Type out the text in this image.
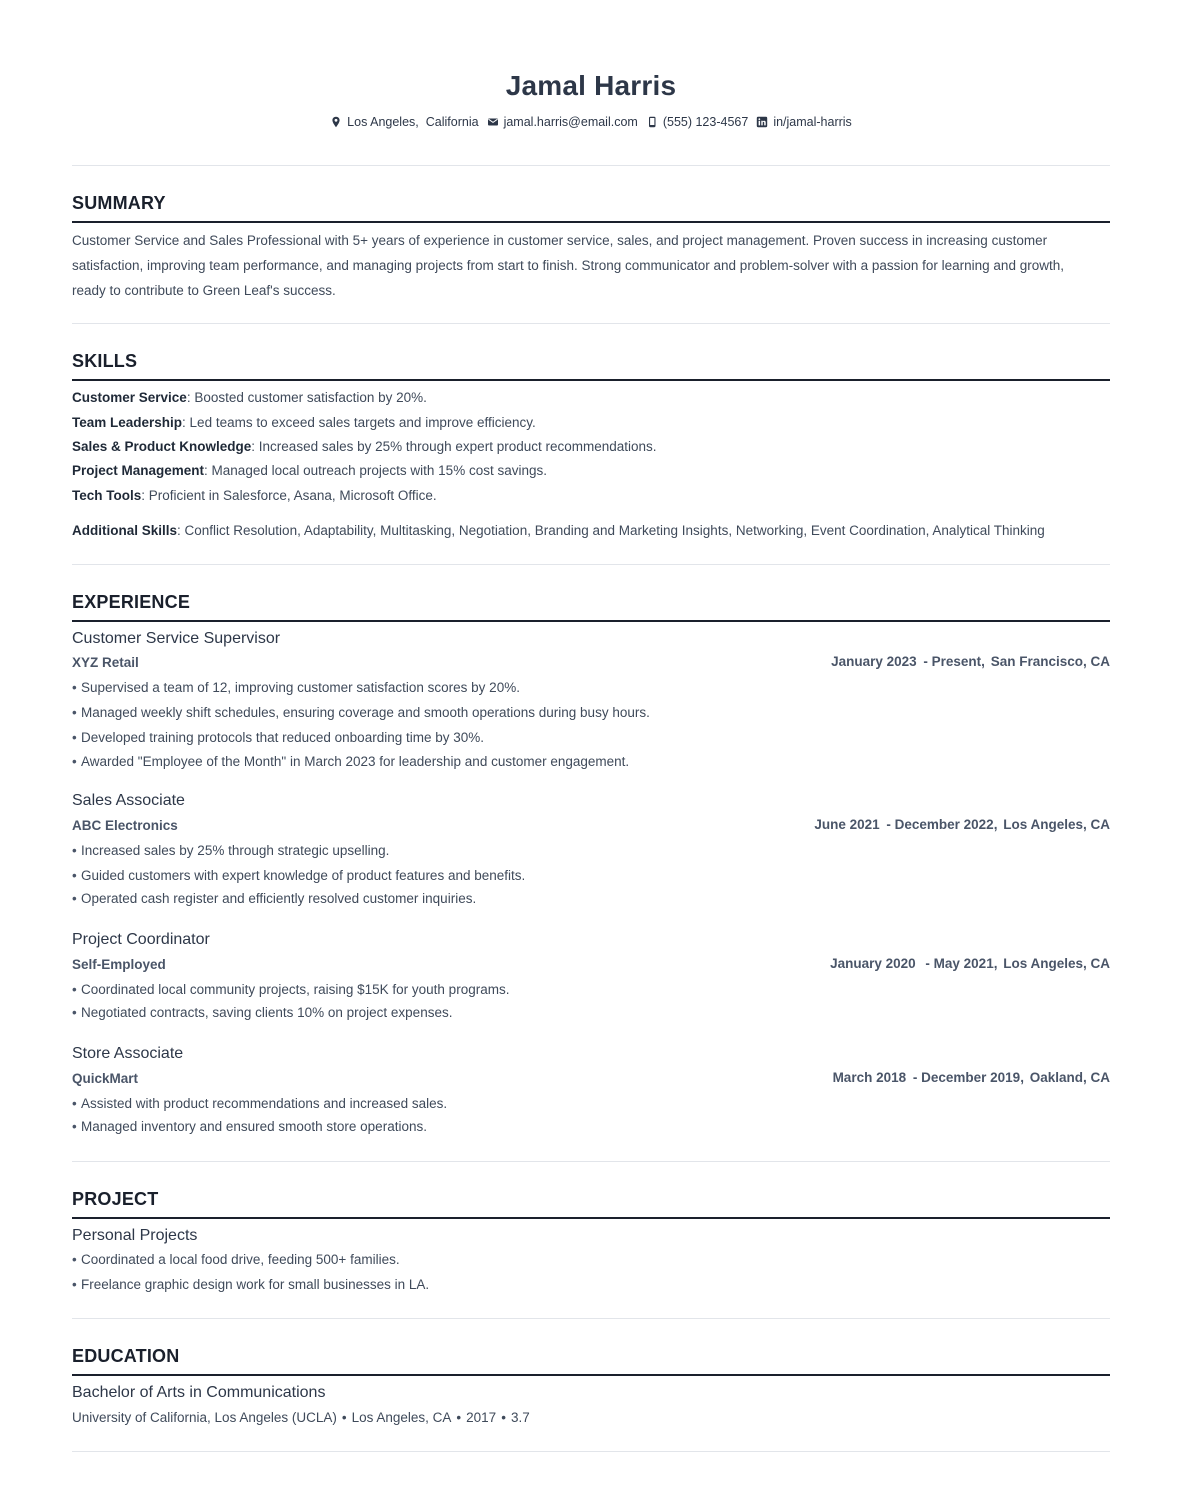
Jamal Harris
Los Angeles, California jamal.harris@email.com (555) 123-4567 in/jamal-harris
SUMMARY
Customer Service and Sales Professional with 5+ years of experience in customer service, sales, and project management. Proven success in increasing customer
satisfaction, improving team performance, and managing projects from start to finish. Strong communicator and problem-solver with a passion for learning and growth,
ready to contribute to Green Leaf's success.
SKILLS
Customer Service: Boosted customer satisfaction by 20%.
Team Leadership: Led teams to exceed sales targets and improve efficiency.
Sales & Product Knowledge: Increased sales by 25% through expert product recommendations.
Project Management: Managed local outreach projects with 15% cost savings.
Tech Tools: Proficient in Salesforce, Asana, Microsoft Office.
Additional Skills: Conflict Resolution, Adaptability, Multitasking, Negotiation, Branding and Marketing Insights, Networking, Event Coordination, Analytical Thinking
EXPERIENCE
Customer Service Supervisor
XYZ Retail	January 2023 - Present, San Francisco, CA
• Supervised a team of 12, improving customer satisfaction scores by 20%.
• Managed weekly shift schedules, ensuring coverage and smooth operations during busy hours.
• Developed training protocols that reduced onboarding time by 30%.
• Awarded "Employee of the Month" in March 2023 for leadership and customer engagement.
Sales Associate
ABC Electronics	June 2021 - December 2022, Los Angeles, CA
• Increased sales by 25% through strategic upselling.
• Guided customers with expert knowledge of product features and benefits.
• Operated cash register and efficiently resolved customer inquiries.
Project Coordinator
Self-Employed	January 2020 - May 2021, Los Angeles, CA
• Coordinated local community projects, raising $15K for youth programs.
• Negotiated contracts, saving clients 10% on project expenses.
Store Associate
QuickMart	March 2018 - December 2019, Oakland, CA
• Assisted with product recommendations and increased sales.
• Managed inventory and ensured smooth store operations.
PROJECT
Personal Projects
• Coordinated a local food drive, feeding 500+ families.
• Freelance graphic design work for small businesses in LA.
EDUCATION
Bachelor of Arts in Communications
University of California, Los Angeles (UCLA) • Los Angeles, CA • 2017 • 3.7
